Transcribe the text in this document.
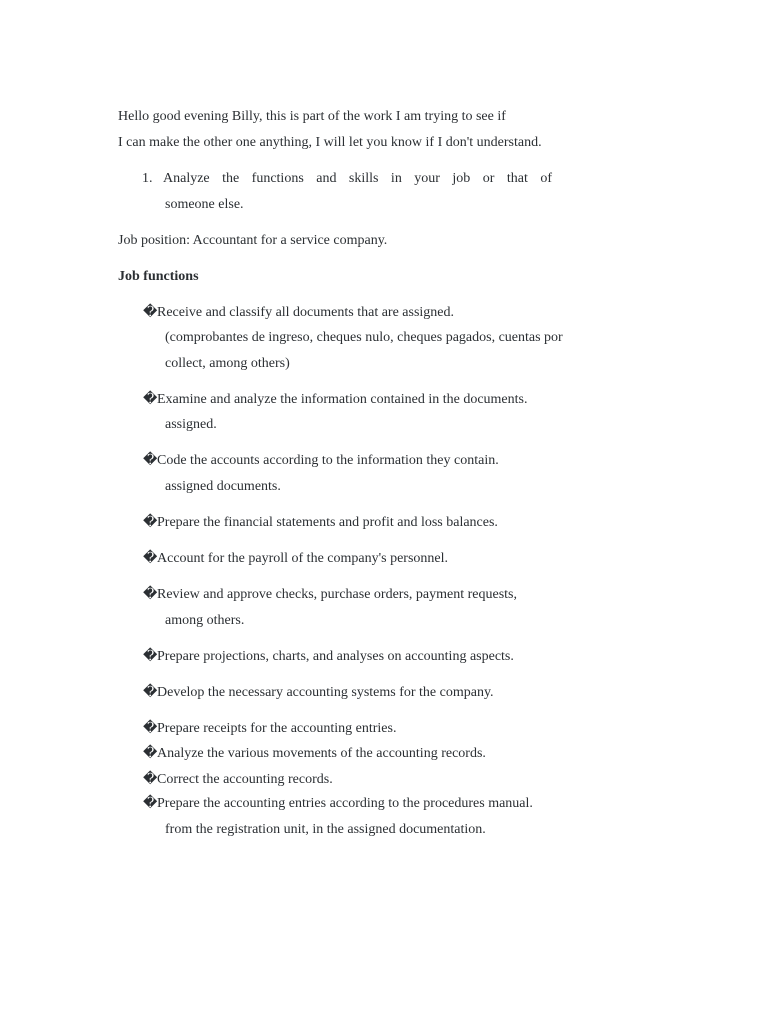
Hello good evening Billy, this is part of the work I am trying to see if

I can make the other one anything, I will let you know if I don't understand.

1. Analyze the functions and skills in your job or that of

someone else.

Job position: Accountant for a service company.

Job functions

�Receive and classify all documents that are assigned.
(comprobantes de ingreso, cheques nulo, cheques pagados, cuentas por
collect, among others)
�Examine and analyze the information contained in the documents.
assigned.
�Code the accounts according to the information they contain.
assigned documents.
�Prepare the financial statements and profit and loss balances.
�Account for the payroll of the company's personnel.
�Review and approve checks, purchase orders, payment requests,
among others.
�Prepare projections, charts, and analyses on accounting aspects.
�Develop the necessary accounting systems for the company.
�Prepare receipts for the accounting entries.
�Analyze the various movements of the accounting records.
�Correct the accounting records.
�Prepare the accounting entries according to the procedures manual.
from the registration unit, in the assigned documentation.
